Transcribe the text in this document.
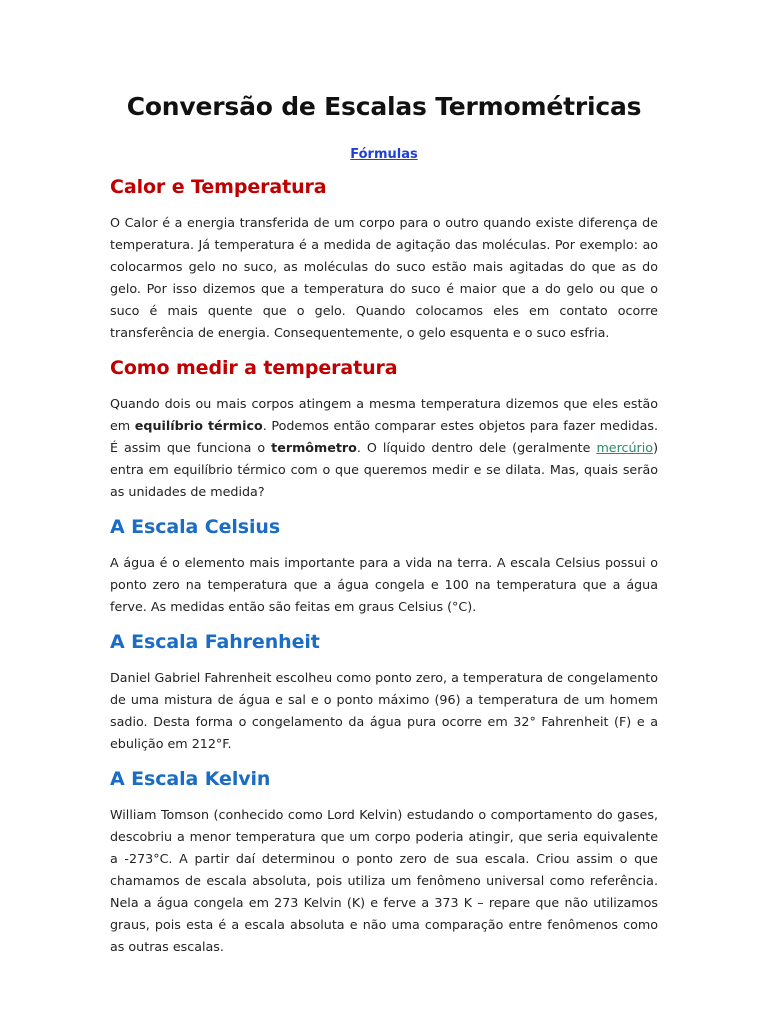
Conversão de Escalas Termométricas
Fórmulas
Calor e Temperatura

O Calor é a energia transferida de um corpo para o outro quando existe diferença de temperatura. Já temperatura é a medida de agitação das moléculas. Por exemplo: ao colocarmos gelo no suco, as moléculas do suco estão mais agitadas do que as do gelo. Por isso dizemos que a temperatura do suco é maior que a do gelo ou que o suco é mais quente que o gelo. Quando colocamos eles em contato ocorre transferência de energia. Consequentemente, o gelo esquenta e o suco esfria.

Como medir a temperatura

Quando dois ou mais corpos atingem a mesma temperatura dizemos que eles estão em equilíbrio térmico. Podemos então comparar estes objetos para fazer medidas. É assim que funciona o termômetro. O líquido dentro dele (geralmente mercúrio) entra em equilíbrio térmico com o que queremos medir e se dilata. Mas, quais serão as unidades de medida?

A Escala Celsius

A água é o elemento mais importante para a vida na terra. A escala Celsius possui o ponto zero na temperatura que a água congela e 100 na temperatura que a água ferve. As medidas então são feitas em graus Celsius (°C).

A Escala Fahrenheit

Daniel Gabriel Fahrenheit escolheu como ponto zero, a temperatura de congelamento de uma mistura de água e sal e o ponto máximo (96) a temperatura de um homem sadio. Desta forma o congelamento da água pura ocorre em 32° Fahrenheit (F) e a ebulição em 212°F.

A Escala Kelvin

William Tomson (conhecido como Lord Kelvin) estudando o comportamento do gases, descobriu a menor temperatura que um corpo poderia atingir, que seria equivalente a -273°C. A partir daí determinou o ponto zero de sua escala. Criou assim o que chamamos de escala absoluta, pois utiliza um fenômeno universal como referência. Nela a água congela em 273 Kelvin (K) e ferve a 373 K – repare que não utilizamos graus, pois esta é a escala absoluta e não uma comparação entre fenômenos como as outras escalas.
